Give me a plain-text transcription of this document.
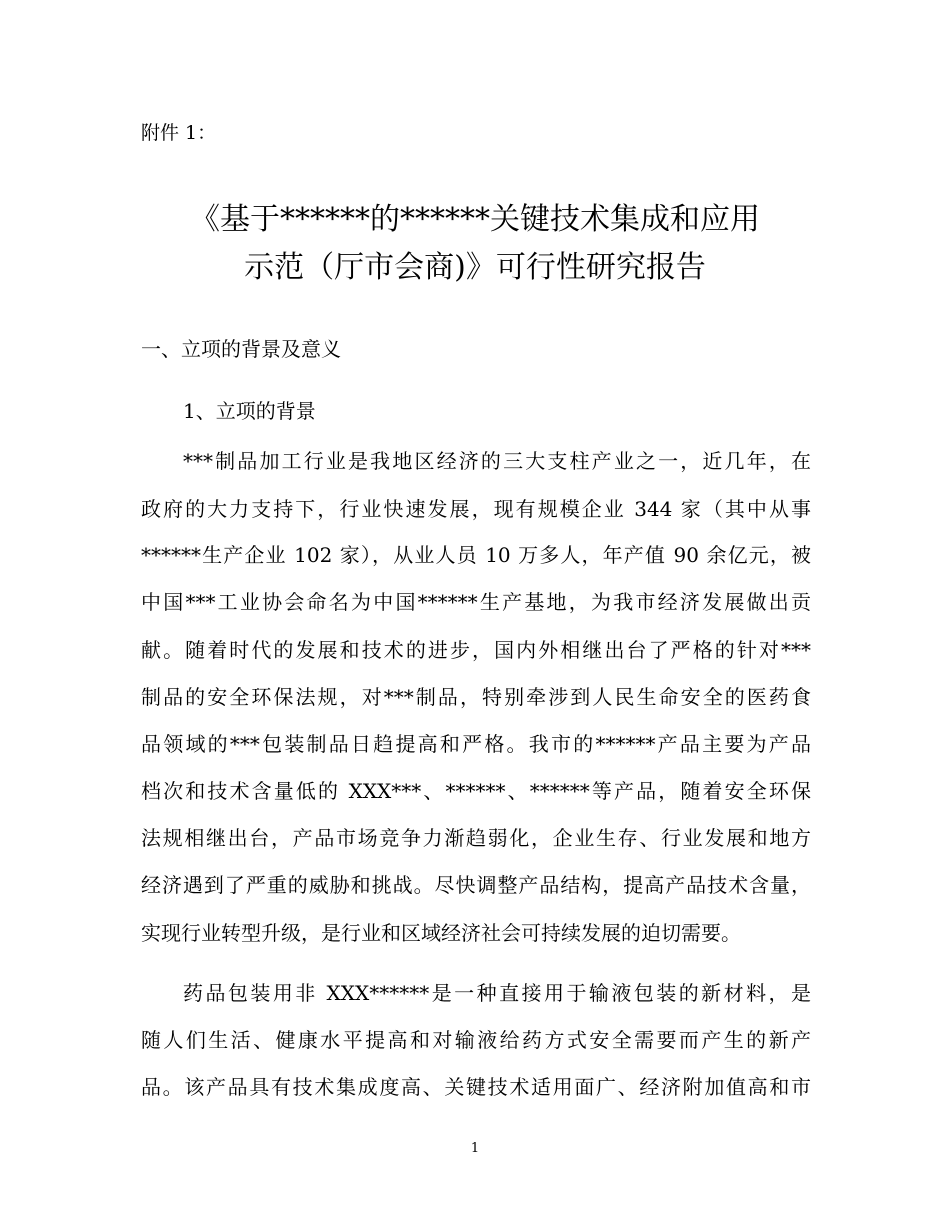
附件 1：
《基于******的******关键技术集成和应用
示范（厅市会商)》可行性研究报告
一、立项的背景及意义
1、立项的背景
***制品加工行业是我地区经济的三大支柱产业之一，近几年，在
政府的大力支持下，行业快速发展，现有规模企业 344 家（其中从事
******生产企业 102 家），从业人员 10 万多人，年产值 90 余亿元，被
中国***工业协会命名为中国******生产基地，为我市经济发展做出贡
献。随着时代的发展和技术的进步，国内外相继出台了严格的针对***
制品的安全环保法规，对***制品，特别牵涉到人民生命安全的医药食
品领域的***包装制品日趋提高和严格。我市的******产品主要为产品
档次和技术含量低的 XXX***、******、******等产品，随着安全环保
法规相继出台，产品市场竞争力渐趋弱化，企业生存、行业发展和地方
经济遇到了严重的威胁和挑战。尽快调整产品结构，提高产品技术含量，
实现行业转型升级，是行业和区域经济社会可持续发展的迫切需要。
药品包装用非 XXX******是一种直接用于输液包装的新材料，是
随人们生活、健康水平提高和对输液给药方式安全需要而产生的新产
品。该产品具有技术集成度高、关键技术适用面广、经济附加值高和市
1
